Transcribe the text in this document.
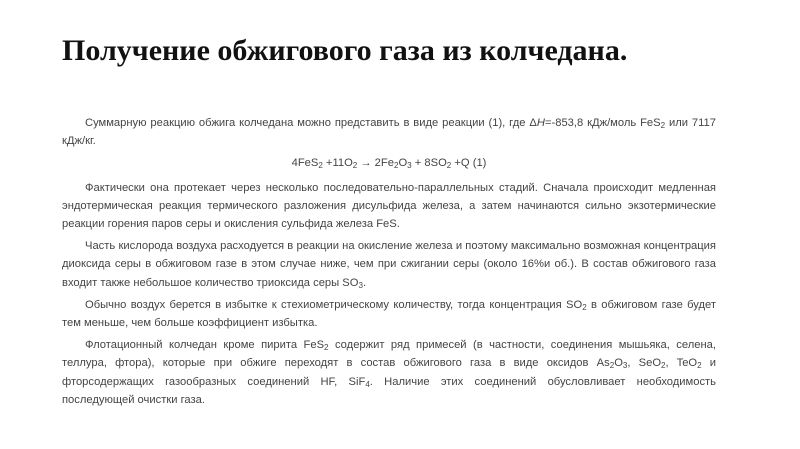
Получение обжигового газа из колчедана.

Суммарную реакцию обжига колчедана можно представить в виде реакции (1), где ΔH=-853,8 кДж/моль FeS$_2$ или 7117 кДж/кг.

$4FeS_2 +11O_2 \to 2Fe_2O_3 + 8SO_2 +Q$ (1)

Фактически она протекает через несколько последовательно-параллельных стадий. Сначала происходит медленная эндотермическая реакция термического разложения дисульфида железа, а затем начинаются сильно экзотермические реакции горения паров серы и окисления сульфида железа FeS.

Часть кислорода воздуха расходуется в реакции на окисление железа и поэтому максимально возможная концентрация диоксида серы в обжиговом газе в этом случае ниже, чем при сжигании серы (около 16%и об.). В состав обжигового газа входит также небольшое количество триоксида серы $SO_3$.

Обычно воздух берется в избытке к стехиометрическому количеству, тогда концентрация $SO_2$ в обжиговом газе будет тем меньше, чем больше коэффициент избытка.

Флотационный колчедан кроме пирита FeS$_2$ содержит ряд примесей (в частности, соединения мышьяка, селена, теллура, фтора), которые при обжиге переходят в состав обжигового газа в виде оксидов $As_2O_3$, SeO$_2$, TeO$_2$ и фторсодержащих газообразных соединений HF, SiF$_4$. Наличие этих соединений обусловливает необходимость последующей очистки газа.
